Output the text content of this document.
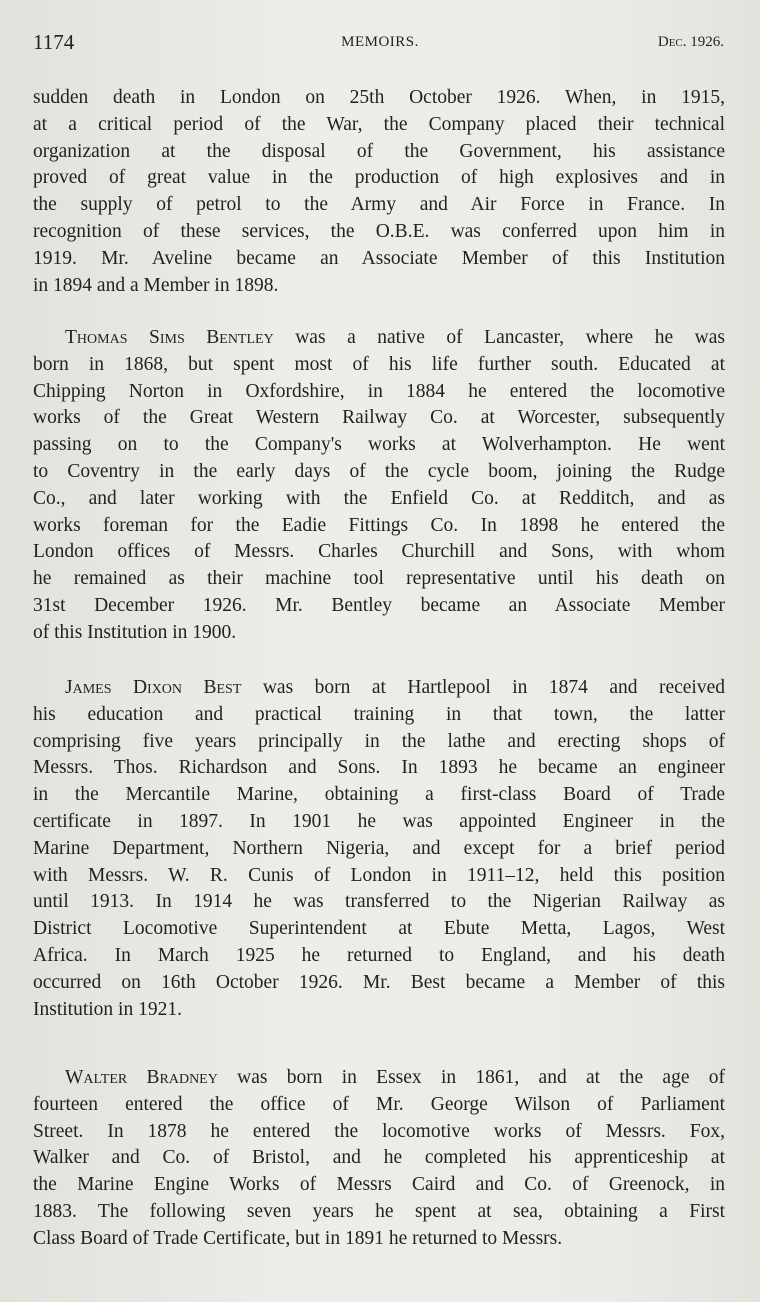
1174	MEMOIRS.	Dec. 1926.
sudden death in London on 25th October 1926. When, in 1915,
at a critical period of the War, the Company placed their technical
organization at the disposal of the Government, his assistance
proved of great value in the production of high explosives and in
the supply of petrol to the Army and Air Force in France. In
recognition of these services, the O.B.E. was conferred upon him in
1919. Mr. Aveline became an Associate Member of this Institution
in 1894 and a Member in 1898.
Thomas Sims Bentley was a native of Lancaster, where he was
born in 1868, but spent most of his life further south. Educated at
Chipping Norton in Oxfordshire, in 1884 he entered the locomotive
works of the Great Western Railway Co. at Worcester, subsequently
passing on to the Company's works at Wolverhampton. He went
to Coventry in the early days of the cycle boom, joining the Rudge
Co., and later working with the Enfield Co. at Redditch, and as
works foreman for the Eadie Fittings Co. In 1898 he entered the
London offices of Messrs. Charles Churchill and Sons, with whom
he remained as their machine tool representative until his death on
31st December 1926. Mr. Bentley became an Associate Member
of this Institution in 1900.
James Dixon Best was born at Hartlepool in 1874 and received
his education and practical training in that town, the latter
comprising five years principally in the lathe and erecting shops of
Messrs. Thos. Richardson and Sons. In 1893 he became an engineer
in the Mercantile Marine, obtaining a first-class Board of Trade
certificate in 1897. In 1901 he was appointed Engineer in the
Marine Department, Northern Nigeria, and except for a brief period
with Messrs. W. R. Cunis of London in 1911–12, held this position
until 1913. In 1914 he was transferred to the Nigerian Railway as
District Locomotive Superintendent at Ebute Metta, Lagos, West
Africa. In March 1925 he returned to England, and his death
occurred on 16th October 1926. Mr. Best became a Member of this
Institution in 1921.
Walter Bradney was born in Essex in 1861, and at the age of
fourteen entered the office of Mr. George Wilson of Parliament
Street. In 1878 he entered the locomotive works of Messrs. Fox,
Walker and Co. of Bristol, and he completed his apprenticeship at
the Marine Engine Works of Messrs Caird and Co. of Greenock, in
1883. The following seven years he spent at sea, obtaining a First
Class Board of Trade Certificate, but in 1891 he returned to Messrs.
